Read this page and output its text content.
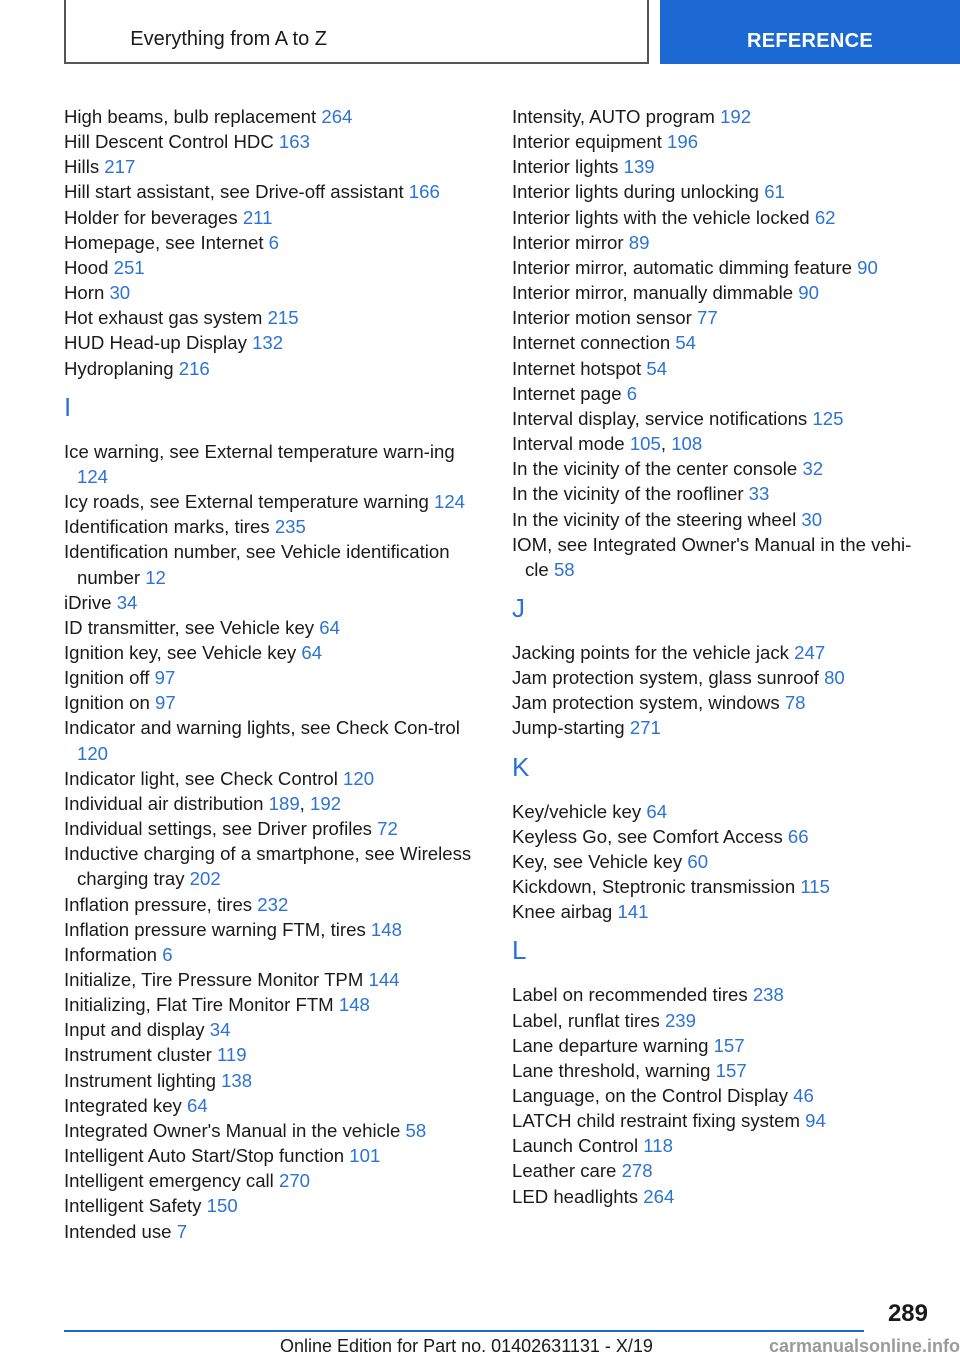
Everything from A to Z	REFERENCE
High beams, bulb replacement 264
Hill Descent Control HDC 163
Hills 217
Hill start assistant, see Drive-off assistant 166
Holder for beverages 211
Homepage, see Internet 6
Hood 251
Horn 30
Hot exhaust gas system 215
HUD Head-up Display 132
Hydroplaning 216
I
Ice warning, see External temperature warn-ing 124
Icy roads, see External temperature warning 124
Identification marks, tires 235
Identification number, see Vehicle identification number 12
iDrive 34
ID transmitter, see Vehicle key 64
Ignition key, see Vehicle key 64
Ignition off 97
Ignition on 97
Indicator and warning lights, see Check Con-trol 120
Indicator light, see Check Control 120
Individual air distribution 189, 192
Individual settings, see Driver profiles 72
Inductive charging of a smartphone, see Wireless charging tray 202
Inflation pressure, tires 232
Inflation pressure warning FTM, tires 148
Information 6
Initialize, Tire Pressure Monitor TPM 144
Initializing, Flat Tire Monitor FTM 148
Input and display 34
Instrument cluster 119
Instrument lighting 138
Integrated key 64
Integrated Owner's Manual in the vehicle 58
Intelligent Auto Start/Stop function 101
Intelligent emergency call 270
Intelligent Safety 150
Intended use 7
Intensity, AUTO program 192
Interior equipment 196
Interior lights 139
Interior lights during unlocking 61
Interior lights with the vehicle locked 62
Interior mirror 89
Interior mirror, automatic dimming feature 90
Interior mirror, manually dimmable 90
Interior motion sensor 77
Internet connection 54
Internet hotspot 54
Internet page 6
Interval display, service notifications 125
Interval mode 105, 108
In the vicinity of the center console 32
In the vicinity of the roofliner 33
In the vicinity of the steering wheel 30
IOM, see Integrated Owner's Manual in the vehi-cle 58
J
Jacking points for the vehicle jack 247
Jam protection system, glass sunroof 80
Jam protection system, windows 78
Jump-starting 271
K
Key/vehicle key 64
Keyless Go, see Comfort Access 66
Key, see Vehicle key 60
Kickdown, Steptronic transmission 115
Knee airbag 141
L
Label on recommended tires 238
Label, runflat tires 239
Lane departure warning 157
Lane threshold, warning 157
Language, on the Control Display 46
LATCH child restraint fixing system 94
Launch Control 118
Leather care 278
LED headlights 264
289
Online Edition for Part no. 01402631131 - X/19	carmanualsonline.info
